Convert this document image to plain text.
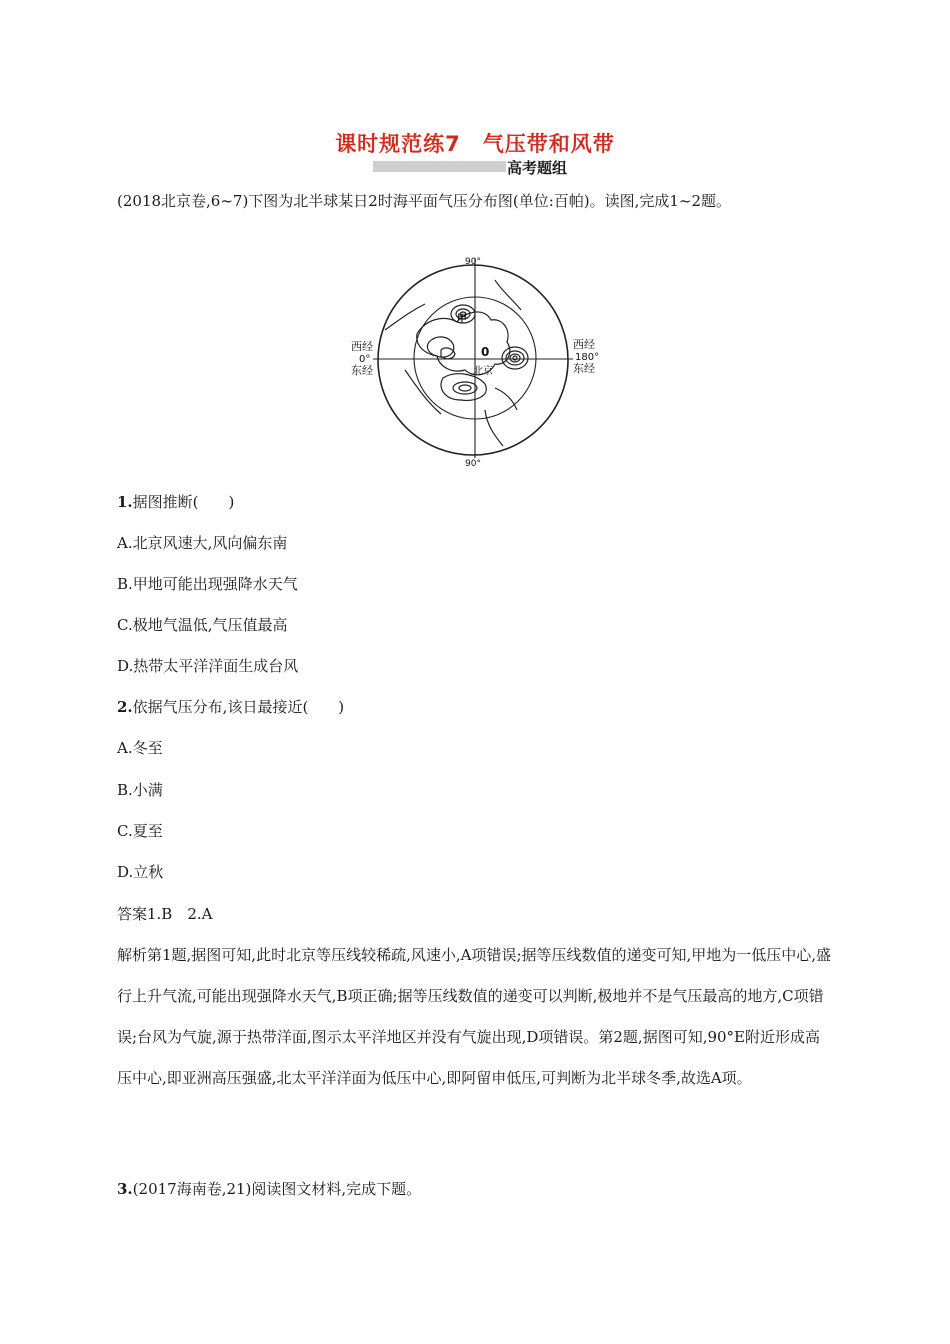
课时规范练7　气压带和风带
高考题组
(2018北京卷,6~7)下图为北半球某日2时海平面气压分布图(单位:百帕)。读图,完成1~2题。
90°
90°
西经
0°
东经
西经
180°
东经
北京
甲
0
1.据图推断(　　)
A.北京风速大,风向偏东南
B.甲地可能出现强降水天气
C.极地气温低,气压值最高
D.热带太平洋洋面生成台风
2.依据气压分布,该日最接近(　　)
A.冬至
B.小满
C.夏至
D.立秋
答案1.B　2.A
解析第1题,据图可知,此时北京等压线较稀疏,风速小,A项错误;据等压线数值的递变可知,甲地为一低压中心,盛行上升气流,可能出现强降水天气,B项正确;据等压线数值的递变可以判断,极地并不是气压最高的地方,C项错误;台风为气旋,源于热带洋面,图示太平洋地区并没有气旋出现,D项错误。第2题,据图可知,90°E附近形成高压中心,即亚洲高压强盛,北太平洋洋面为低压中心,即阿留申低压,可判断为北半球冬季,故选A项。
3.(2017海南卷,21)阅读图文材料,完成下题。
